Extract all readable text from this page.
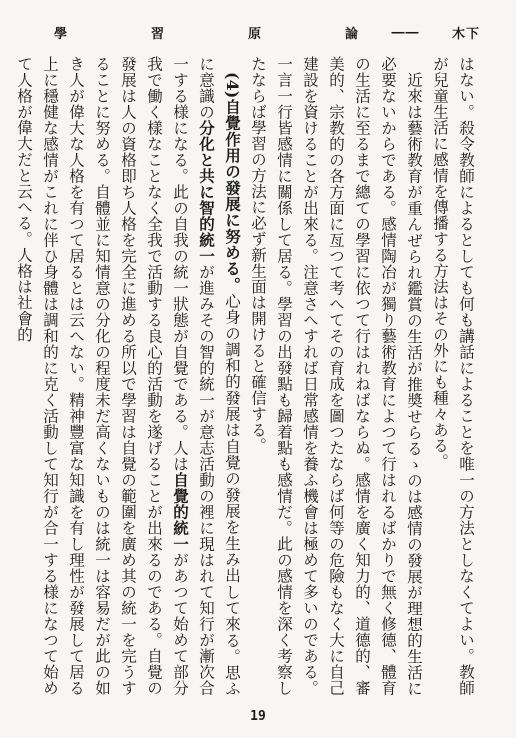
木下
――
論
原
習
學

はない。殺令教師によるとしても何も講話によることを唯一の方法としなくてよい。教師が兒童生活に感情を傳播する方法はその外にも種々ある。

近來は藝術教育が重んぜられ鑑賞の生活が推奬せらるゝのは感情の發展が理想的生活に必要ないからである。感情陶冶が獨り藝術教育によつて行はれるばかりで無く修德、體育の生活に至るまで總ての學習に依つて行はれねばならぬ。感情を廣く知力的、道德的、審美的、宗教的の各方面に亙つて考へてその育成を圖つたならば何等の危險もなく大に自己建設を資けることが出來る。注意さへすれば日常感情を養ふ機會は極めて多いのである。一言一行皆感情に關係して居る。學習の出發點も歸着點も感情だ。此の感情を深く考察したならば學習の方法に必ず新生面は開けると確信する。

(4)自覺作用の發展に努める。心身の調和的發展は自覺の發展を生み出して來る。思ふに意識の分化と共に智的統一が進みその智的統一が意志活動の裡に現はれて知行が漸次合一する様になる。此の自我の統一狀態が自覺である。人は自覺的統一があつて始めて部分我で働く樣なことなく全我で活動する良心的活動を遂げることが出來るのである。自覺の發展は人の資格即ち人格を完全に進める所以で學習は自覺の範圍を廣め其の統一を完うすることに努める。自體並に知情意の分化の程度未だ高くないものは統一は容易だが此の如き人が偉大な人格を有つて居るとは云へない。精神豐富な知識を有し理性が發展して居る上に穩健な感情がこれに伴ひ身體は調和的に克く活動して知行が合一する様になつて始めて人格が偉大だと云へる。人格は社會的

19
